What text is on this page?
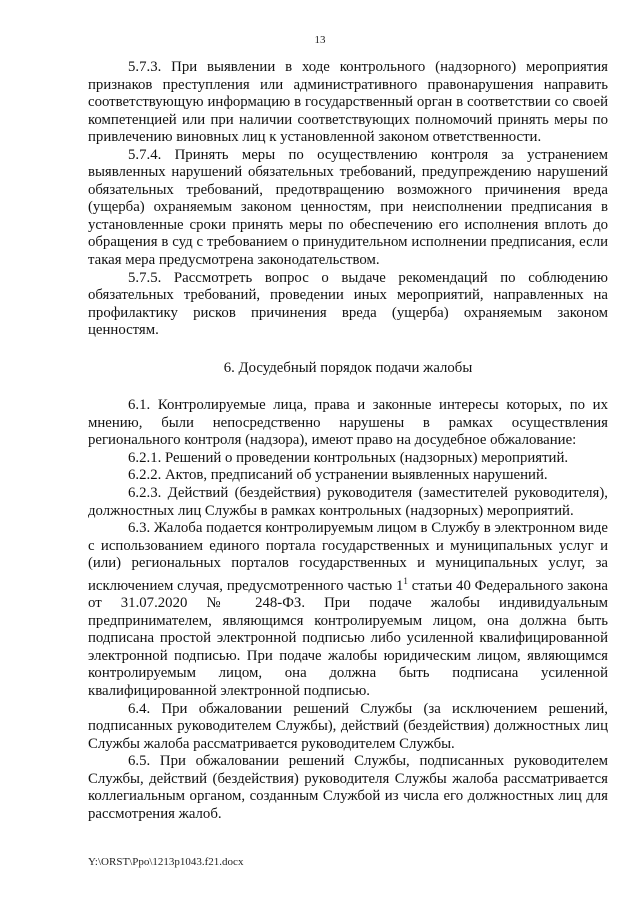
13

5.7.3. При выявлении в ходе контрольного (надзорного) мероприятия признаков преступления или административного правонарушения направить соответствующую информацию в государственный орган в соответствии со своей компетенцией или при наличии соответствующих полномочий принять меры по привлечению виновных лиц к установленной законом ответственности.

5.7.4. Принять меры по осуществлению контроля за устранением выявленных нарушений обязательных требований, предупреждению нарушений обязательных требований, предотвращению возможного причинения вреда (ущерба) охраняемым законом ценностям, при неисполнении предписания в установленные сроки принять меры по обеспечению его исполнения вплоть до обращения в суд с требованием о принудительном исполнении предписания, если такая мера предусмотрена законодательством.

5.7.5. Рассмотреть вопрос о выдаче рекомендаций по соблюдению обязательных требований, проведении иных мероприятий, направленных на профилактику рисков причинения вреда (ущерба) охраняемым законом ценностям.

6. Досудебный порядок подачи жалобы

6.1. Контролируемые лица, права и законные интересы которых, по их мнению, были непосредственно нарушены в рамках осуществления регионального контроля (надзора), имеют право на досудебное обжалование:

6.2.1. Решений о проведении контрольных (надзорных) мероприятий.

6.2.2. Актов, предписаний об устранении выявленных нарушений.

6.2.3. Действий (бездействия) руководителя (заместителей руководителя), должностных лиц Службы в рамках контрольных (надзорных) мероприятий.

6.3. Жалоба подается контролируемым лицом в Службу в электронном виде с использованием единого портала государственных и муниципальных услуг и (или) региональных порталов государственных и муниципальных услуг, за исключением случая, предусмотренного частью $1^1$ статьи 40 Федерального закона от 31.07.2020 № 248-ФЗ. При подаче жалобы индивидуальным предпринимателем, являющимся контролируемым лицом, она должна быть подписана простой электронной подписью либо усиленной квалифицированной электронной подписью. При подаче жалобы юридическим лицом, являющимся контролируемым лицом, она должна быть подписана усиленной квалифицированной электронной подписью.

6.4. При обжаловании решений Службы (за исключением решений, подписанных руководителем Службы), действий (бездействия) должностных лиц Службы жалоба рассматривается руководителем Службы.

6.5. При обжаловании решений Службы, подписанных руководителем Службы, действий (бездействия) руководителя Службы жалоба рассматривается коллегиальным органом, созданным Службой из числа его должностных лиц для рассмотрения жалоб.

Y:\ORST\Ppo\1213p1043.f21.docx
